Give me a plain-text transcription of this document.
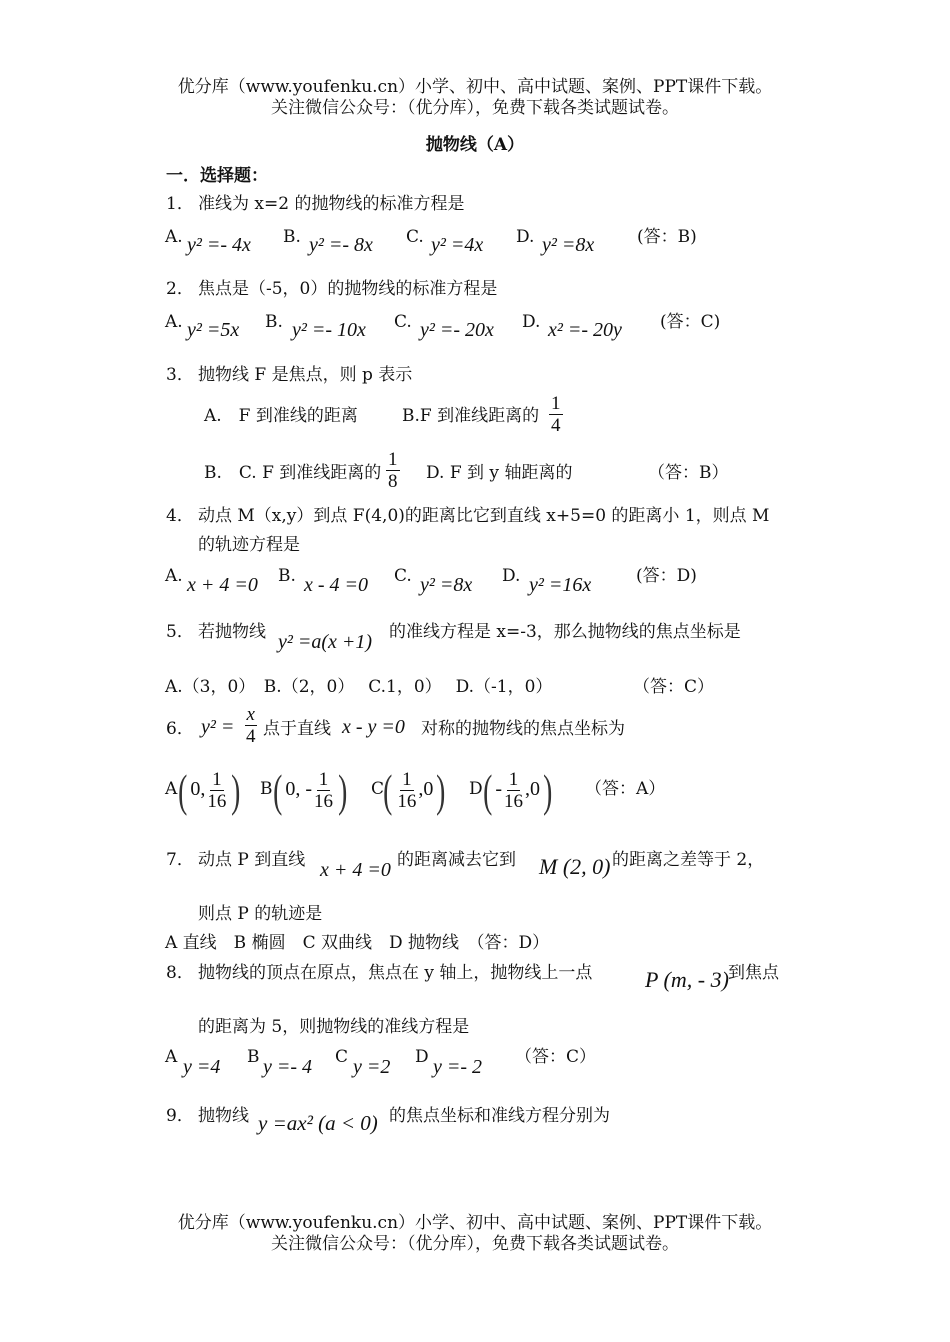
优分库（www.youfenku.cn）小学、初中、高中试题、案例、PPT课件下载。
关注微信公众号：（优分库），免费下载各类试题试卷。
抛物线（A）
一．选择题：
1． 准线为 x=2 的抛物线的标准方程是
A. y² =- 4x B. y² =- 8x C. y² =4x D. y² =8x	(答：B)
2． 焦点是（-5，0）的抛物线的标准方程是
A. y² =5x B. y² =- 10x C. y² =- 20x D. x² =- 20y (答：C)
3． 抛物线 F 是焦点，则 p 表示
A.　F 到准线的距离	B.F 到准线距离的 $\frac{1}{4}$
B.　C. F 到准线距离的 $\frac{1}{8} D$. F 到 y 轴距离的	（答：B）
4． 动点 M（x,y）到点 F(4,0)的距离比它到直线 x+5=0 的距离小 1，则点 M
的轨迹方程是
A. x + 4 =0 B. x - 4 =0 C. y² =8x D. y² =16x	(答：D)
5． 若抛物线 y² =a(x +1) 的准线方程是 x=-3，那么抛物线的焦点坐标是
A.（3，0）　B.（2，0）　 C.1，0）　 D.（-1，0）	（答：C）
6． $y^2 = \frac{x}{4}$ 点于直线 x - y =0 对称的抛物线的焦点坐标为
A ( 0, $\frac{1}{16}$ ) B ( 0, - $\frac{1}{16}$ ) C ( $\frac{1}{16} ,0$) D ( - $\frac{1}{16} ,0$) （答：A）
7． 动点 P 到直线 x + 4 =0 的距离减去它到 M (2, 0) 的距离之差等于 2，
则点 P 的轨迹是
A 直线　B 椭圆　C 双曲线　D 抛物线　（答：D）
8． 抛物线的顶点在原点，焦点在 y 轴上，抛物线上一点 P (m, - 3) 到焦点
的距离为 5，则抛物线的准线方程是
A y =4 B y =- 4 C y =2 D y =- 2 （答：C）
9． 抛物线 y =ax² (a < 0) 的焦点坐标和准线方程分别为
优分库（www.youfenku.cn）小学、初中、高中试题、案例、PPT课件下载。
关注微信公众号：（优分库），免费下载各类试题试卷。
